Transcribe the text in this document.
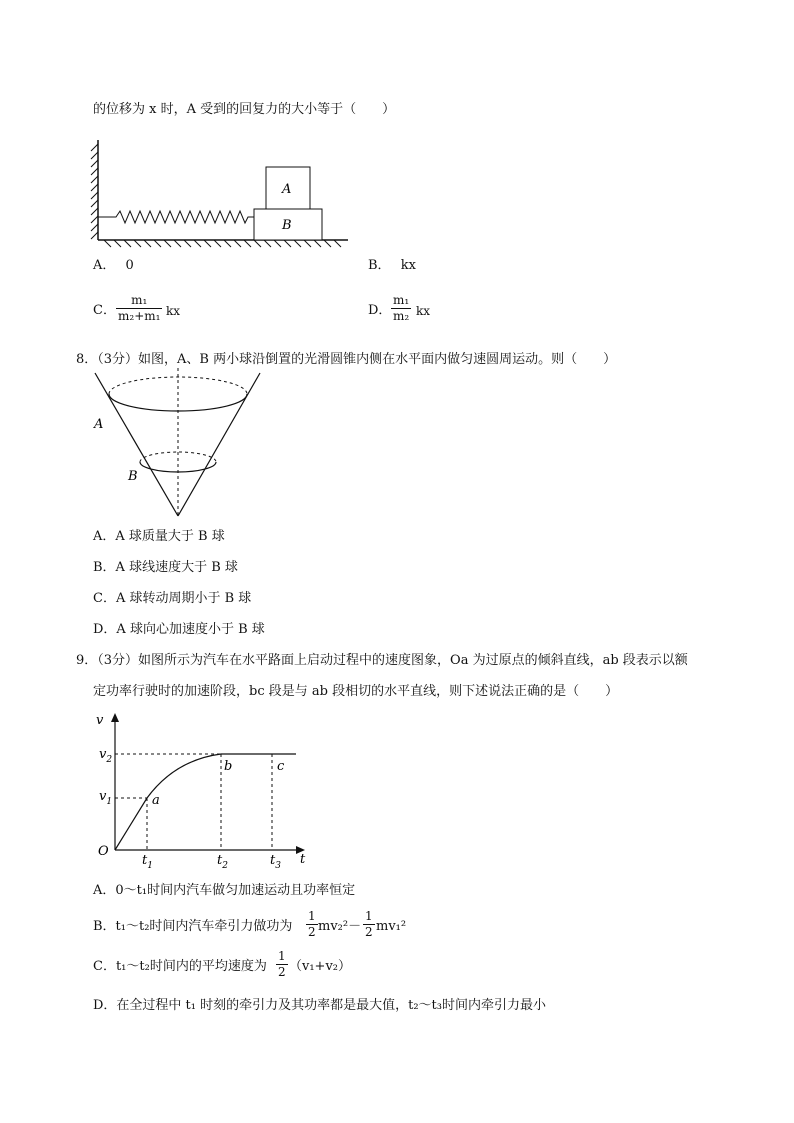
的位移为 x 时，A 受到的回复力的大小等于（　　）
A
B
A． 0	B． kx
C．
m₁
m₂+m₁ kx	D．
m₁
m₂ kx
8．（3分）如图，A、B 两小球沿倒置的光滑圆锥内侧在水平面内做匀速圆周运动。则（　　）
A
B
A．A 球质量大于 B 球
B．A 球线速度大于 B 球
C．A 球转动周期小于 B 球
D．A 球向心加速度小于 B 球
9．（3分）如图所示为汽车在水平路面上启动过程中的速度图象，Oa 为过原点的倾斜直线，ab 段表示以额
定功率行驶时的加速阶段，bc 段是与 ab 段相切的水平直线，则下述说法正确的是（　　）
v
t
O
$v_2$
$v_1$
$t_1$	$t_2$	$t_3$
a
b	c
A．0～t₁时间内汽车做匀加速运动且功率恒定
B．t₁～t₂时间内汽车牵引力做功为
1
2 mv₂²－
1
2 mv₁²
C．t₁～t₂时间内的平均速度为
1
2 （v₁+v₂）
D．在全过程中 t₁ 时刻的牵引力及其功率都是最大值，t₂～t₃时间内牵引力最小
